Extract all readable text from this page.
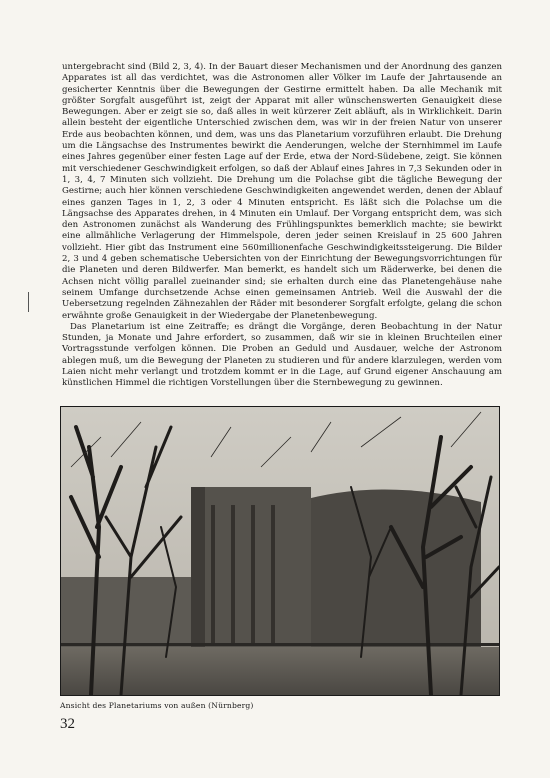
untergebracht sind (Bild 2, 3, 4). In der Bauart dieser Mechanismen und der Anordnung des ganzen Apparates ist all das verdichtet, was die Astronomen aller Völker im Laufe der Jahrtausende an gesicherter Kenntnis über die Bewegungen der Gestirne ermittelt haben. Da alle Mechanik mit größter Sorgfalt ausgeführt ist, zeigt der Apparat mit aller wünschenswerten Genauigkeit diese Bewegungen. Aber er zeigt sie so, daß alles in weit kürzerer Zeit abläuft, als in Wirklichkeit. Darin allein besteht der eigentliche Unterschied zwischen dem, was wir in der freien Natur von unserer Erde aus beobachten können, und dem, was uns das Planetarium vorzuführen erlaubt. Die Drehung um die Längsachse des Instrumentes bewirkt die Aenderungen, welche der Sternhimmel im Laufe eines Jahres gegenüber einer festen Lage auf der Erde, etwa der Nord-Südebene, zeigt. Sie können mit verschiedener Geschwindigkeit erfolgen, so daß der Ablauf eines Jahres in 7,3 Sekunden oder in 1, 3, 4, 7 Minuten sich vollzieht. Die Drehung um die Polachse gibt die tägliche Bewegung der Gestirne; auch hier können verschiedene Geschwindigkeiten angewendet werden, denen der Ablauf eines ganzen Tages in 1, 2, 3 oder 4 Minuten entspricht. Es läßt sich die Polachse um die Längsachse des Apparates drehen, in 4 Minuten ein Umlauf. Der Vorgang entspricht dem, was sich den Astronomen zunächst als Wanderung des Frühlingspunktes bemerklich machte; sie bewirkt eine allmähliche Verlagerung der Himmelspole, deren jeder seinen Kreislauf in 25 600 Jahren vollzieht. Hier gibt das Instrument eine 560millionenfache Geschwindigkeitssteigerung. Die Bilder 2, 3 und 4 geben schematische Uebersichten von der Einrichtung der Bewegungsvorrichtungen für die Planeten und deren Bildwerfer. Man bemerkt, es handelt sich um Räderwerke, bei denen die Achsen nicht völlig parallel zueinander sind; sie erhalten durch eine das Planetengehäuse nahe seinem Umfange durchsetzende Achse einen gemeinsamen Antrieb. Weil die Auswahl der die Uebersetzung regelnden Zähnezahlen der Räder mit besonderer Sorgfalt erfolgte, gelang die schon erwähnte große Genauigkeit in der Wiedergabe der Planetenbewegung.

Das Planetarium ist eine Zeitraffe; es drängt die Vorgänge, deren Beobachtung in der Natur Stunden, ja Monate und Jahre erfordert, so zusammen, daß wir sie in kleinen Bruchteilen einer Vortragsstunde verfolgen können. Die Proben an Geduld und Ausdauer, welche der Astronom ablegen muß, um die Bewegung der Planeten zu studieren und für andere klarzulegen, werden vom Laien nicht mehr verlangt und trotzdem kommt er in die Lage, auf Grund eigener Anschauung am künstlichen Himmel die richtigen Vorstellungen über die Sternbewegung zu gewinnen.

Ansicht des Planetariums von außen (Nürnberg)
32
